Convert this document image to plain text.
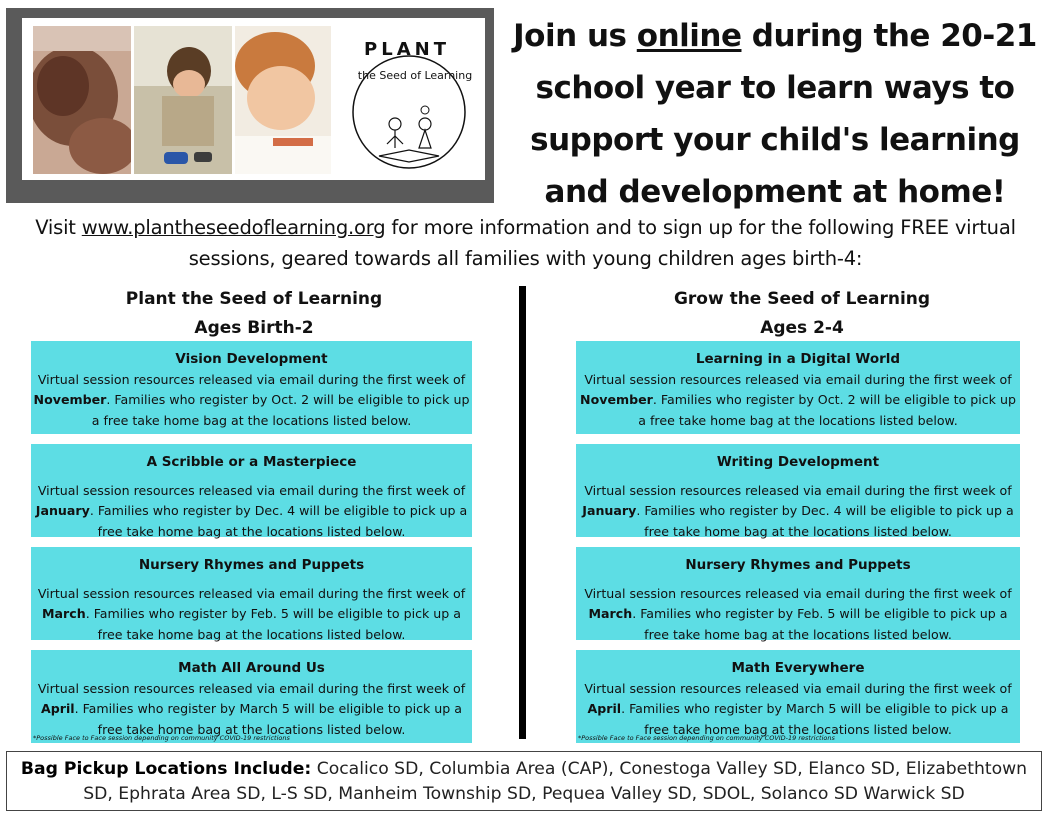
PLANT
the Seed of Learning
Join us online during the 20-21 school year to learn ways to support your child's learning and development at home!
Visit www.plantheseedoflearning.org for more information and to sign up for the following FREE virtual sessions, geared towards all families with young children ages birth-4:
Plant the Seed of Learning
Ages Birth-2
Grow the Seed of Learning
Ages 2-4
Vision Development
Virtual session resources released via email during the first week of November. Families who register by Oct. 2 will be eligible to pick up a free take home bag at the locations listed below.
A Scribble or a Masterpiece
Virtual session resources released via email during the first week of January. Families who register by Dec. 4 will be eligible to pick up a free take home bag at the locations listed below.
Nursery Rhymes and Puppets
Virtual session resources released via email during the first week of March. Families who register by Feb. 5 will be eligible to pick up a free take home bag at the locations listed below.
Math All Around Us
Virtual session resources released via email during the first week of April. Families who register by March 5 will be eligible to pick up a free take home bag at the locations listed below.
*Possible Face to Face session depending on community COVID-19 restrictions
Learning in a Digital World
Virtual session resources released via email during the first week of November. Families who register by Oct. 2 will be eligible to pick up a free take home bag at the locations listed below.
Writing Development
Virtual session resources released via email during the first week of January. Families who register by Dec. 4 will be eligible to pick up a free take home bag at the locations listed below.
Nursery Rhymes and Puppets
Virtual session resources released via email during the first week of March. Families who register by Feb. 5 will be eligible to pick up a free take home bag at the locations listed below.
Math Everywhere
Virtual session resources released via email during the first week of April. Families who register by March 5 will be eligible to pick up a free take home bag at the locations listed below.
*Possible Face to Face session depending on community COVID-19 restrictions
Bag Pickup Locations Include: Cocalico SD, Columbia Area (CAP), Conestoga Valley SD, Elanco SD, Elizabethtown SD, Ephrata Area SD, L-S SD, Manheim Township SD, Pequea Valley SD, SDOL, Solanco SD Warwick SD
